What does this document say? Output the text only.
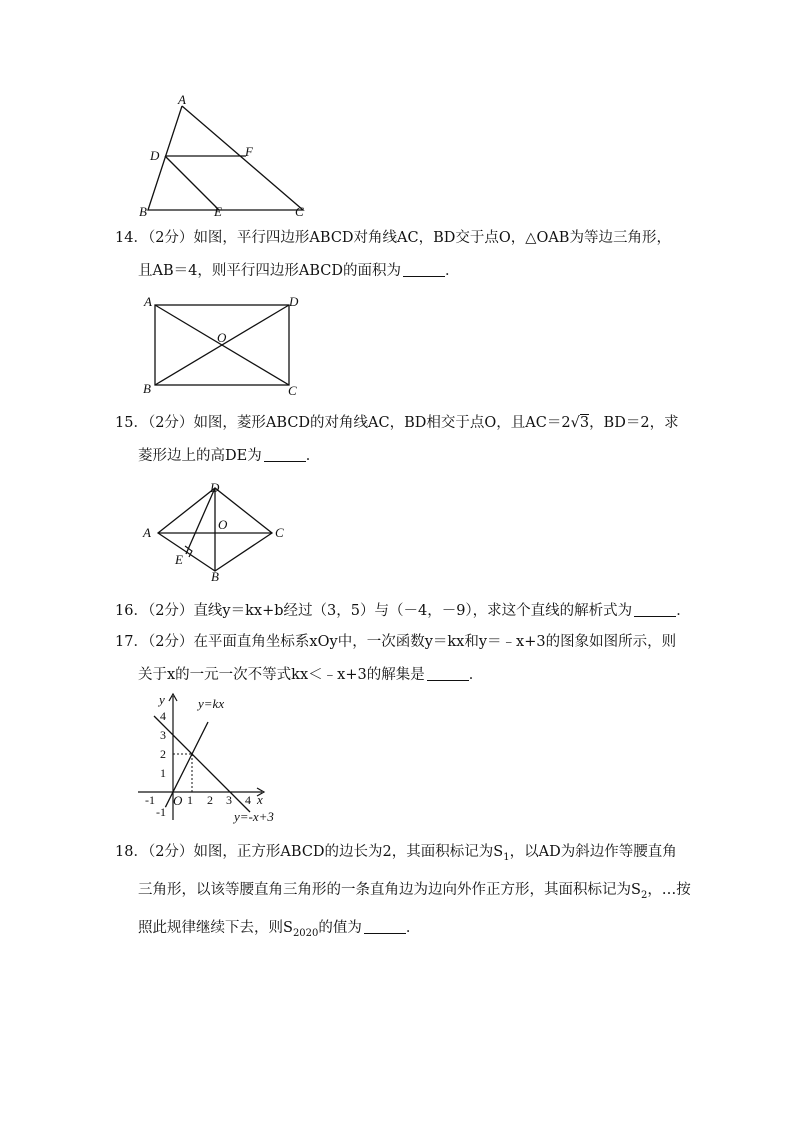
A
D	F
B	E	C
14．（2分）如图，平行四边形ABCD对角线AC，BD交于点O，△OAB为等边三角形，
且AB＝4，则平行四边形ABCD的面积为	．
A	D
O
B	C
15．（2分）如图，菱形ABCD的对角线AC，BD相交于点O，且AC＝2√3，BD＝2，求
菱形边上的高DE为	．
D
O
A	C
E
B
16．（2分）直线y＝kx+b经过（3，5）与（－4，－9），求这个直线的解析式为	．
17．（2分）在平面直角坐标系xOy中，一次函数y＝kx和y＝﹣x+3的图象如图所示，则
关于x的一元一次不等式kx＜﹣x+3的解集是	．
-1 O 1 2 3 4 x
4
3
2
1
-1
y	y=kx
y=-x+3
18．（2分）如图，正方形ABCD的边长为2，其面积标记为$S_1$，以AD为斜边作等腰直角
三角形，以该等腰直角三角形的一条直角边为边向外作正方形，其面积标记为$S_2$，…按
照此规律继续下去，则$S_{2020}$的值为	．
